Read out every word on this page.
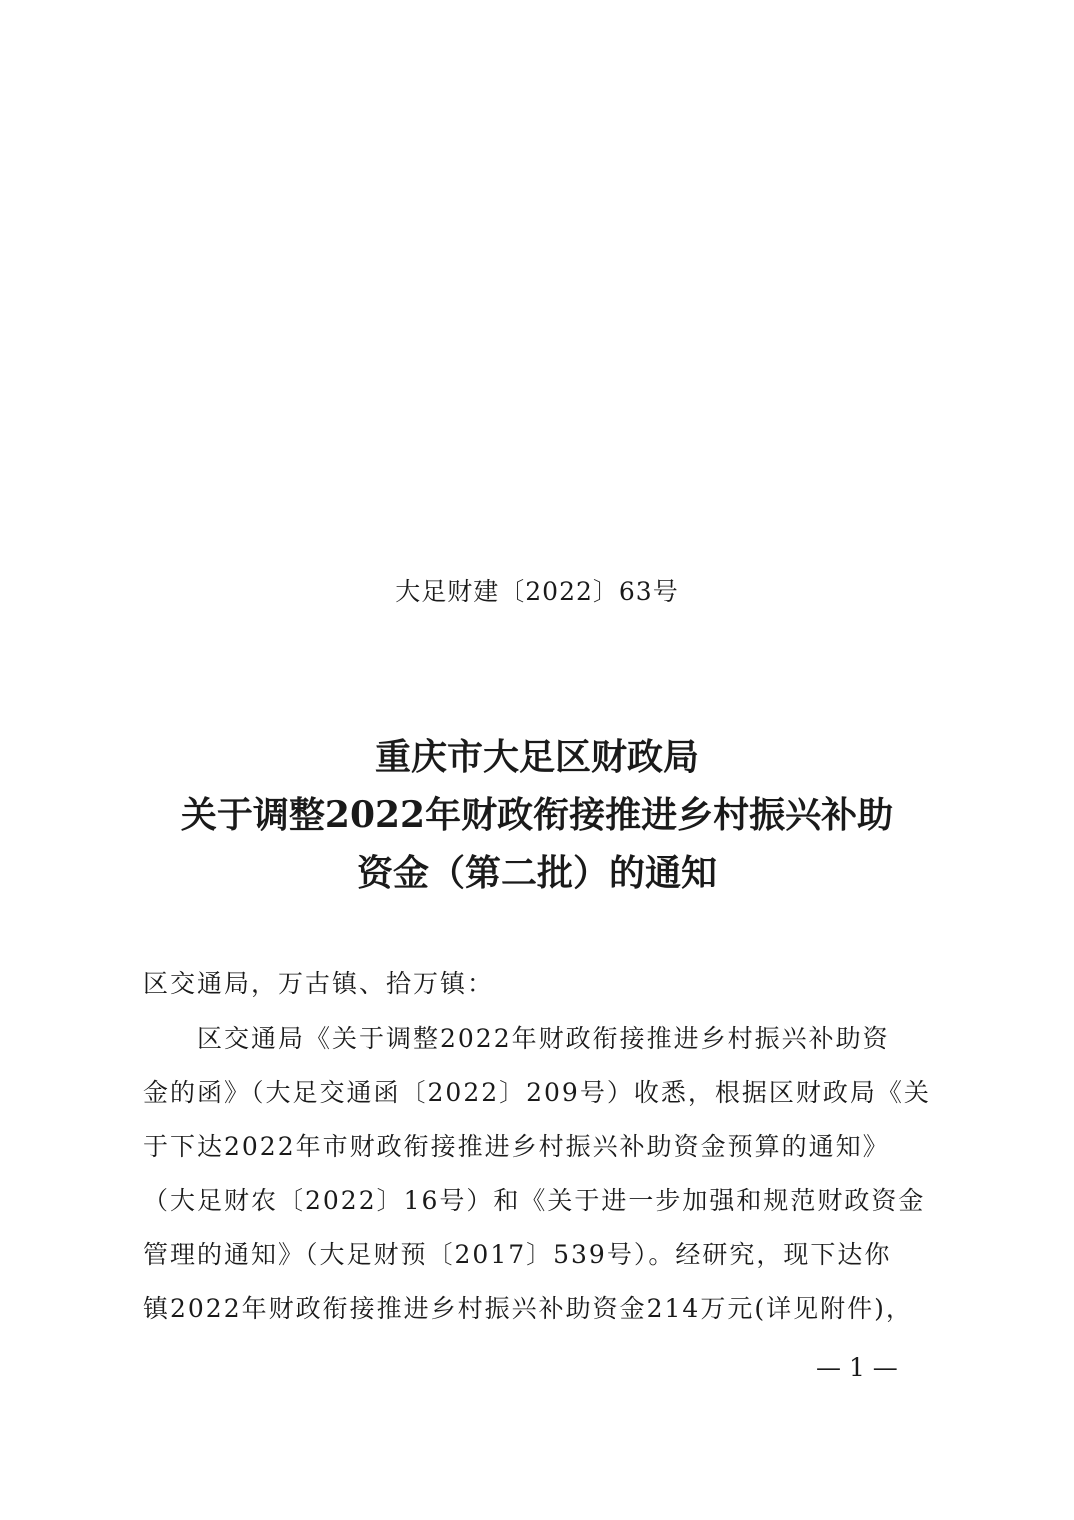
大足财建〔2022〕63号
重庆市大足区财政局
关于调整2022年财政衔接推进乡村振兴补助
资金（第二批）的通知
区交通局，万古镇、拾万镇：
区交通局《关于调整2022年财政衔接推进乡村振兴补助资
金的函》（大足交通函〔2022〕209号）收悉，根据区财政局《关
于下达2022年市财政衔接推进乡村振兴补助资金预算的通知》
（大足财农〔2022〕16号）和《关于进一步加强和规范财政资金
管理的通知》（大足财预〔2017〕539号）。经研究，现下达你
镇2022年财政衔接推进乡村振兴补助资金214万元(详见附件)，
— 1 —
